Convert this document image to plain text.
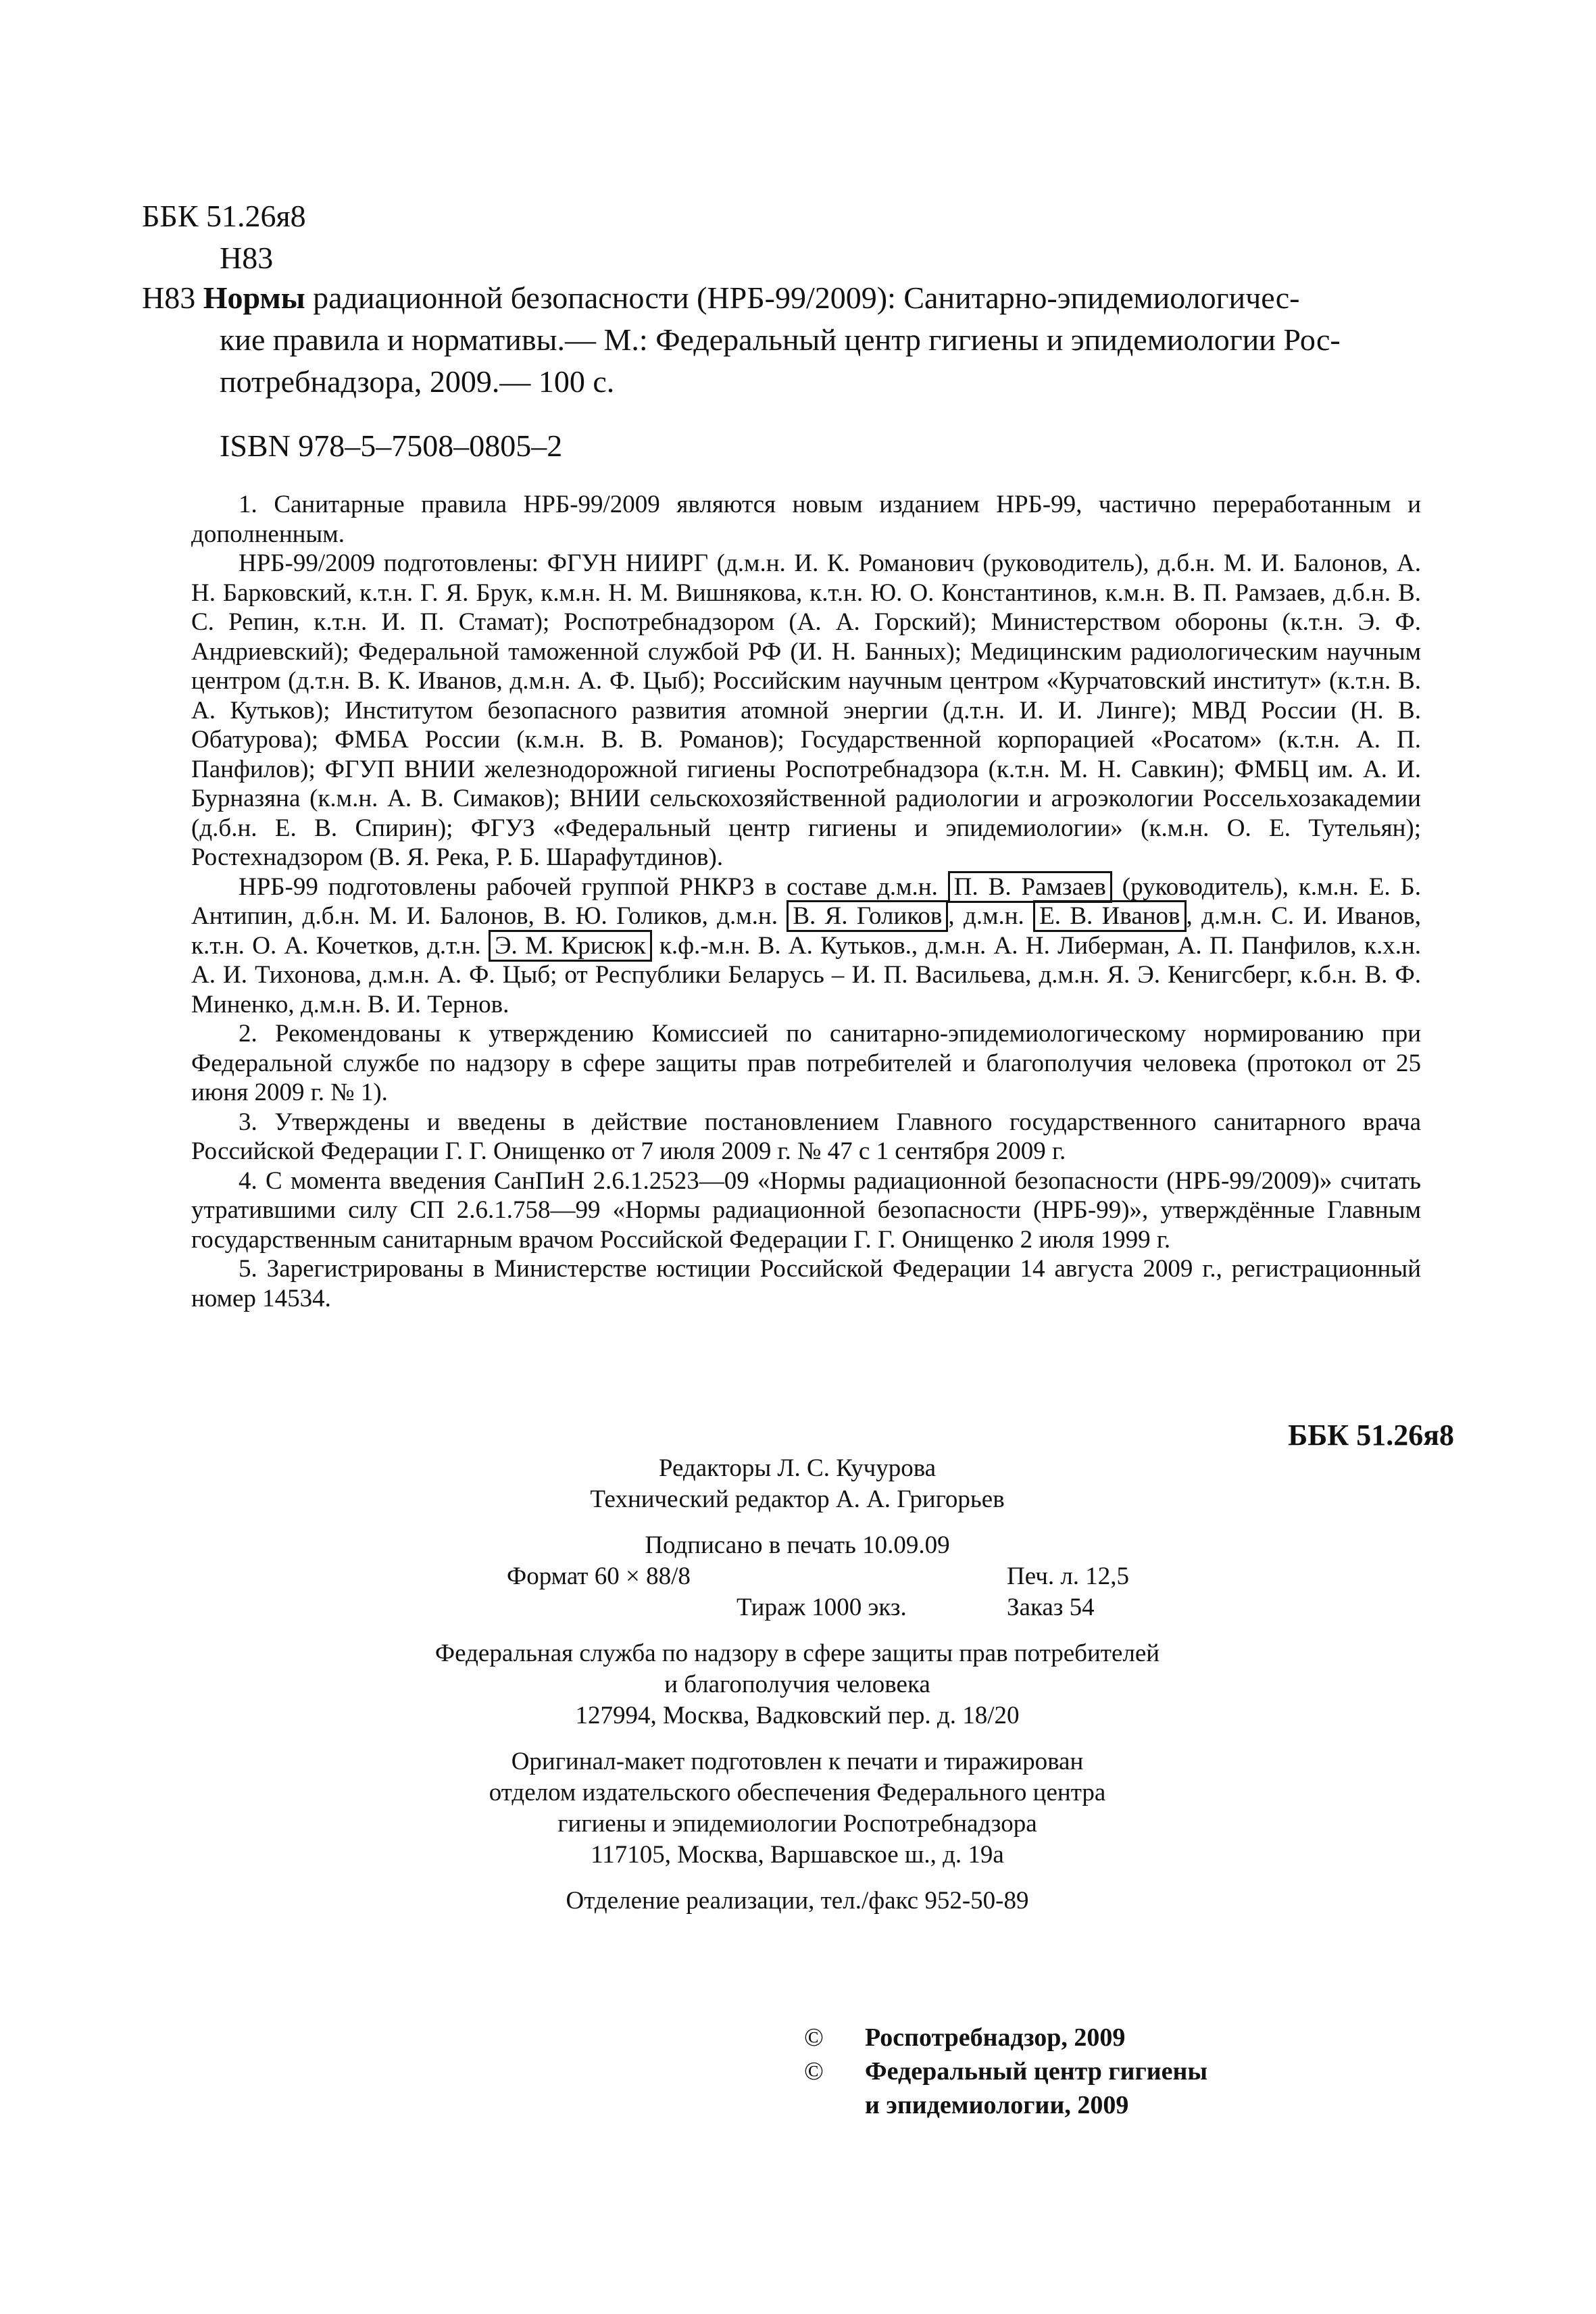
ББК 51.26я8
Н83

Н83 Нормы радиационной безопасности (НРБ-99/2009): Санитарно-эпидемиологичес-

кие правила и нормативы.— М.: Федеральный центр гигиены и эпидемиологии Рос-

потребнадзора, 2009.— 100 с.

ISBN 978–5–7508–0805–2

1. Санитарные правила НРБ-99/2009 являются новым изданием НРБ-99, частично переработанным и дополненным.

НРБ-99/2009 подготовлены: ФГУН НИИРГ (д.м.н. И. К. Романович (руководитель), д.б.н. М. И. Балонов, А. Н. Барковский, к.т.н. Г. Я. Брук, к.м.н. Н. М. Вишнякова, к.т.н. Ю. О. Константинов, к.м.н. В. П. Рамзаев, д.б.н. В. С. Репин, к.т.н. И. П. Стамат); Роспотребнадзором (А. А. Горский); Министерством обороны (к.т.н. Э. Ф. Андриевский); Федеральной таможенной службой РФ (И. Н. Банных); Медицинским радиологическим научным центром (д.т.н. В. К. Иванов, д.м.н. А. Ф. Цыб); Российским научным центром «Курчатовский институт» (к.т.н. В. А. Кутьков); Институтом безопасного развития атомной энергии (д.т.н. И. И. Линге); МВД России (Н. В. Обатурова); ФМБА России (к.м.н. В. В. Романов); Государственной корпорацией «Росатом» (к.т.н. А. П. Панфилов); ФГУП ВНИИ железнодорожной гигиены Роспотребнадзора (к.т.н. М. Н. Савкин); ФМБЦ им. А. И. Бурназяна (к.м.н. А. В. Симаков); ВНИИ сельскохозяйственной радиологии и агроэкологии Россельхозакадемии (д.б.н. Е. В. Спирин); ФГУЗ «Федеральный центр гигиены и эпидемиологии» (к.м.н. О. Е. Тутельян); Ростехнадзором (В. Я. Река, Р. Б. Шарафутдинов).

НРБ-99 подготовлены рабочей группой РНКРЗ в составе д.м.н. П. В. Рамзаев (руководитель), к.м.н. Е. Б. Антипин, д.б.н. М. И. Балонов, В. Ю. Голиков, д.м.н. В. Я. Голиков , д.м.н. Е. В. Иванов , д.м.н. С. И. Иванов, к.т.н. О. А. Кочетков, д.т.н. Э. М. Крисюк к.ф.-м.н. В. А. Кутьков., д.м.н. А. Н. Либерман, А. П. Панфилов, к.х.н. А. И. Тихонова, д.м.н. А. Ф. Цыб; от Республики Беларусь – И. П. Васильева, д.м.н. Я. Э. Кенигсберг, к.б.н. В. Ф. Миненко, д.м.н. В. И. Тернов.

2. Рекомендованы к утверждению Комиссией по санитарно-эпидемиологическому нормированию при Федеральной службе по надзору в сфере защиты прав потребителей и благополучия человека (протокол от 25 июня 2009 г. № 1).

3. Утверждены и введены в действие постановлением Главного государственного санитарного врача Российской Федерации Г. Г. Онищенко от 7 июля 2009 г. № 47 с 1 сентября 2009 г.

4. С момента введения СанПиН 2.6.1.2523—09 «Нормы радиационной безопасности (НРБ-99/2009)» считать утратившими силу СП 2.6.1.758—99 «Нормы радиационной безопасности (НРБ-99)», утверждённые Главным государственным санитарным врачом Российской Федерации Г. Г. Онищенко 2 июля 1999 г.

5. Зарегистрированы в Министерстве юстиции Российской Федерации 14 августа 2009 г., регистрационный номер 14534.

ББК 51.26я8
Редакторы Л. С. Кучурова
Технический редактор А. А. Григорьев
Подписано в печать 10.09.09
Формат 60 × 88/8	Печ. л. 12,5
Тираж 1000 экз.	Заказ 54
Федеральная служба по надзору в сфере защиты прав потребителей
и благополучия человека
127994, Москва, Вадковский пер. д. 18/20
Оригинал-макет подготовлен к печати и тиражирован
отделом издательского обеспечения Федерального центра
гигиены и эпидемиологии Роспотребнадзора
117105, Москва, Варшавское ш., д. 19а
Отделение реализации, тел./факс 952-50-89
© Роспотребнадзор, 2009
© Федеральный центр гигиены
и эпидемиологии, 2009
